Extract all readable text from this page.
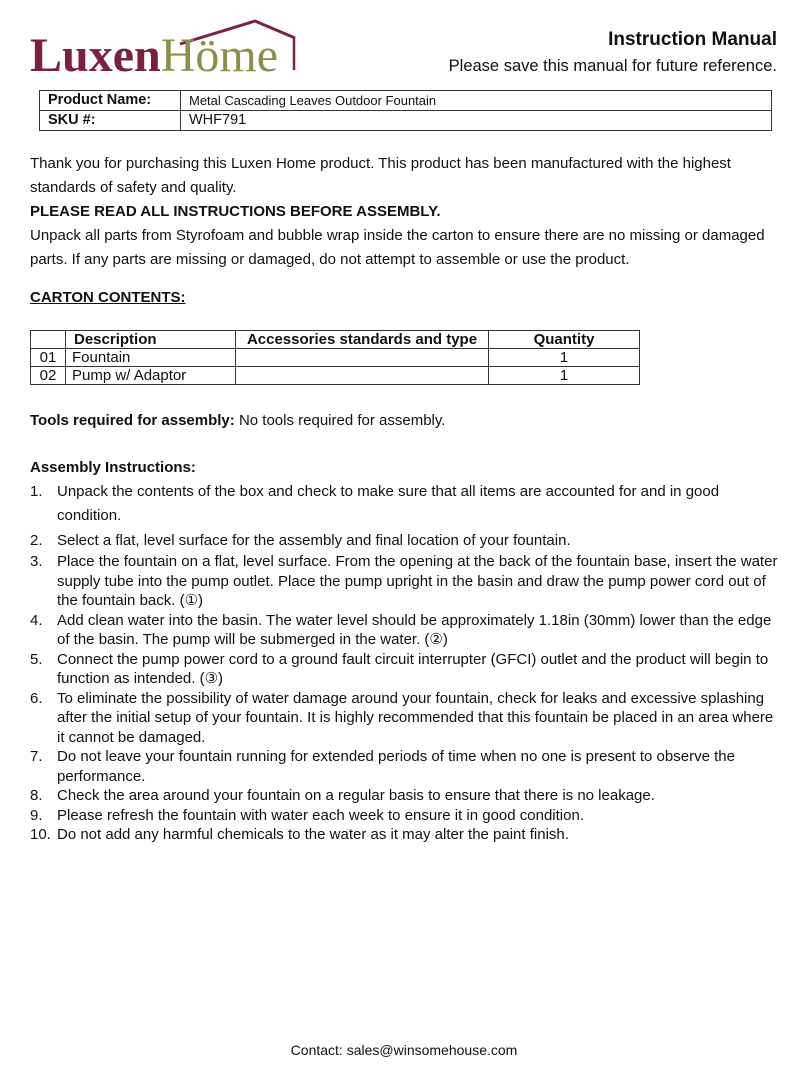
LuxenHöme	Instruction Manual
Please save this manual for future reference.
Product Name:	Metal Cascading Leaves Outdoor Fountain
SKU #:	WHF791

Thank you for purchasing this Luxen Home product. This product has been manufactured with the highest standards of safety and quality.

PLEASE READ ALL INSTRUCTIONS BEFORE ASSEMBLY.

Unpack all parts from Styrofoam and bubble wrap inside the carton to ensure there are no missing or damaged parts. If any parts are missing or damaged, do not attempt to assemble or use the product.

CARTON CONTENTS:
	Description	Accessories standards and type	Quantity
01	Fountain		1
02	Pump w/ Adaptor		1
Tools required for assembly: No tools required for assembly.
Assembly Instructions:
1. Unpack the contents of the box and check to make sure that all items are accounted for and in good condition.
2. Select a flat, level surface for the assembly and final location of your fountain.
3. Place the fountain on a flat, level surface. From the opening at the back of the fountain base, insert the water supply tube into the pump outlet. Place the pump upright in the basin and draw the pump power cord out of the fountain back. (①)
4. Add clean water into the basin. The water level should be approximately 1.18in (30mm) lower than the edge of the basin. The pump will be submerged in the water. (②)
5. Connect the pump power cord to a ground fault circuit interrupter (GFCI) outlet and the product will begin to function as intended. (③)
6. To eliminate the possibility of water damage around your fountain, check for leaks and excessive splashing after the initial setup of your fountain. It is highly recommended that this fountain be placed in an area where it cannot be damaged.
7. Do not leave your fountain running for extended periods of time when no one is present to observe the performance.
8. Check the area around your fountain on a regular basis to ensure that there is no leakage.
9. Please refresh the fountain with water each week to ensure it in good condition.
10. Do not add any harmful chemicals to the water as it may alter the paint finish.
Contact: sales@winsomehouse.com
